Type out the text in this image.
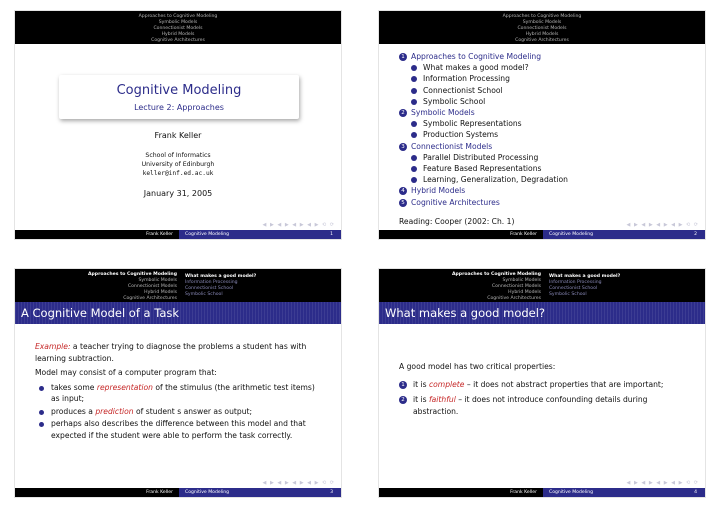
Approaches to Cognitive Modeling
Symbolic Models
Connectionist Models
Hybrid Models
Cognitive Architectures
Cognitive Modeling
Lecture 2: Approaches
Frank Keller
School of Informatics
University of Edinburgh
keller@inf.ed.ac.uk
January 31, 2005
◀ ▶ ◀ ▶ ◀ ▶ ◀ ▶ ⟲ ⟳
Frank Keller	Cognitive Modeling	1
Approaches to Cognitive Modeling
Symbolic Models
Connectionist Models
Hybrid Models
Cognitive Architectures
1 Approaches to Cognitive Modeling
What makes a good model?
Information Processing
Connectionist School
Symbolic School
2 Symbolic Models
Symbolic Representations
Production Systems
3 Connectionist Models
Parallel Distributed Processing
Feature Based Representations
Learning, Generalization, Degradation
4 Hybrid Models
5 Cognitive Architectures
Reading: Cooper (2002: Ch. 1)	◀ ▶ ◀ ▶ ◀ ▶ ◀ ▶ ⟲ ⟳
Frank Keller	Cognitive Modeling	2
Approaches to Cognitive Modeling
Symbolic Models
Connectionist Models
Hybrid Models
Cognitive Architectures
What makes a good model?
Information Processing
Connectionist School
Symbolic School
A Cognitive Model of a Task

Example: a teacher trying to diagnose the problems a student has with learning subtraction.

Model may consist of a computer program that:

takes some representation of the stimulus (the arithmetic test items) as input;
produces a prediction of student s answer as output;
perhaps also describes the difference between this model and that expected if the student were able to perform the task correctly.
◀ ▶ ◀ ▶ ◀ ▶ ◀ ▶ ⟲ ⟳
Frank Keller	Cognitive Modeling	3
Approaches to Cognitive Modeling
Symbolic Models
Connectionist Models
Hybrid Models
Cognitive Architectures
What makes a good model?
Information Processing
Connectionist School
Symbolic School
What makes a good model?

A good model has two critical properties:

1 it is complete – it does not abstract properties that are important;
2 it is faithful – it does not introduce confounding details during abstraction.
◀ ▶ ◀ ▶ ◀ ▶ ◀ ▶ ⟲ ⟳
Frank Keller	Cognitive Modeling	4
